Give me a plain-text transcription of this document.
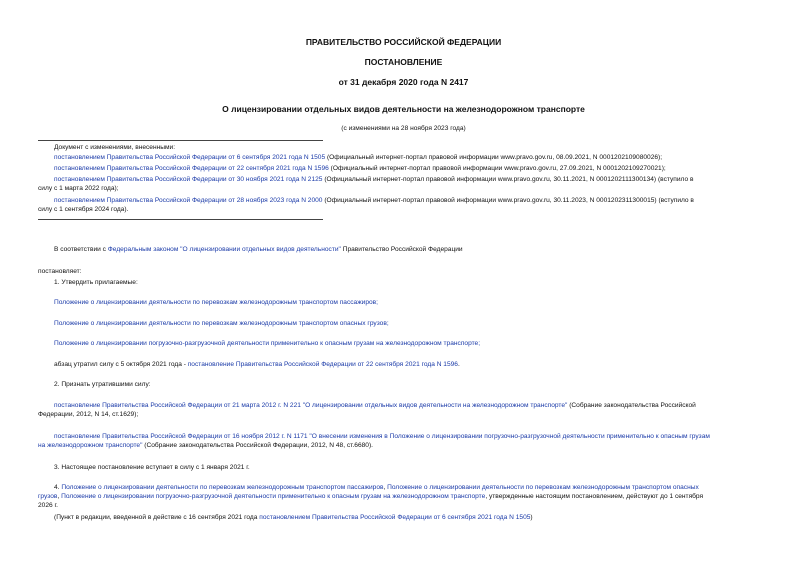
ПРАВИТЕЛЬСТВО РОССИЙСКОЙ ФЕДЕРАЦИИ
ПОСТАНОВЛЕНИЕ
от 31 декабря 2020 года N 2417
О лицензировании отдельных видов деятельности на железнодорожном транспорте
(с изменениями на 28 ноября 2023 года)
Документ с изменениями, внесенными:
постановлением Правительства Российской Федерации от 6 сентября 2021 года N 1505 (Официальный интернет-портал правовой информации www.pravo.gov.ru, 08.09.2021, N 0001202109080026);
постановлением Правительства Российской Федерации от 22 сентября 2021 года N 1596 (Официальный интернет-портал правовой информации www.pravo.gov.ru, 27.09.2021, N 0001202109270021);
постановлением Правительства Российской Федерации от 30 ноября 2021 года N 2125 (Официальный интернет-портал правовой информации www.pravo.gov.ru, 30.11.2021, N 0001202111300134) (вступило в
силу с 1 марта 2022 года);
постановлением Правительства Российской Федерации от 28 ноября 2023 года N 2000 (Официальный интернет-портал правовой информации www.pravo.gov.ru, 30.11.2023, N 0001202311300015) (вступило в
силу с 1 сентября 2024 года).
В соответствии с Федеральным законом "О лицензировании отдельных видов деятельности" Правительство Российской Федерации
постановляет:
1. Утвердить прилагаемые:
Положение о лицензировании деятельности по перевозкам железнодорожным транспортом пассажиров;
Положение о лицензировании деятельности по перевозкам железнодорожным транспортом опасных грузов;
Положение о лицензировании погрузочно-разгрузочной деятельности применительно к опасным грузам на железнодорожном транспорте;
абзац утратил силу с 5 октября 2021 года - постановление Правительства Российской Федерации от 22 сентября 2021 года N 1596.
2. Признать утратившими силу:
постановление Правительства Российской Федерации от 21 марта 2012 г. N 221 "О лицензировании отдельных видов деятельности на железнодорожном транспорте" (Собрание законодательства Российской
Федерации, 2012, N 14, ст.1629);
постановление Правительства Российской Федерации от 16 ноября 2012 г. N 1171 "О внесении изменения в Положение о лицензировании погрузочно-разгрузочной деятельности применительно к опасным грузам
на железнодорожном транспорте" (Собрание законодательства Российской Федерации, 2012, N 48, ст.6680).
3. Настоящее постановление вступает в силу с 1 января 2021 г.
4. Положение о лицензировании деятельности по перевозкам железнодорожным транспортом пассажиров, Положение о лицензировании деятельности по перевозкам железнодорожным транспортом опасных
грузов, Положение о лицензировании погрузочно-разгрузочной деятельности применительно к опасным грузам на железнодорожном транспорте, утвержденные настоящим постановлением, действуют до 1 сентября
2026 г.
(Пункт в редакции, введенной в действие с 16 сентября 2021 года постановлением Правительства Российской Федерации от 6 сентября 2021 года N 1505)
